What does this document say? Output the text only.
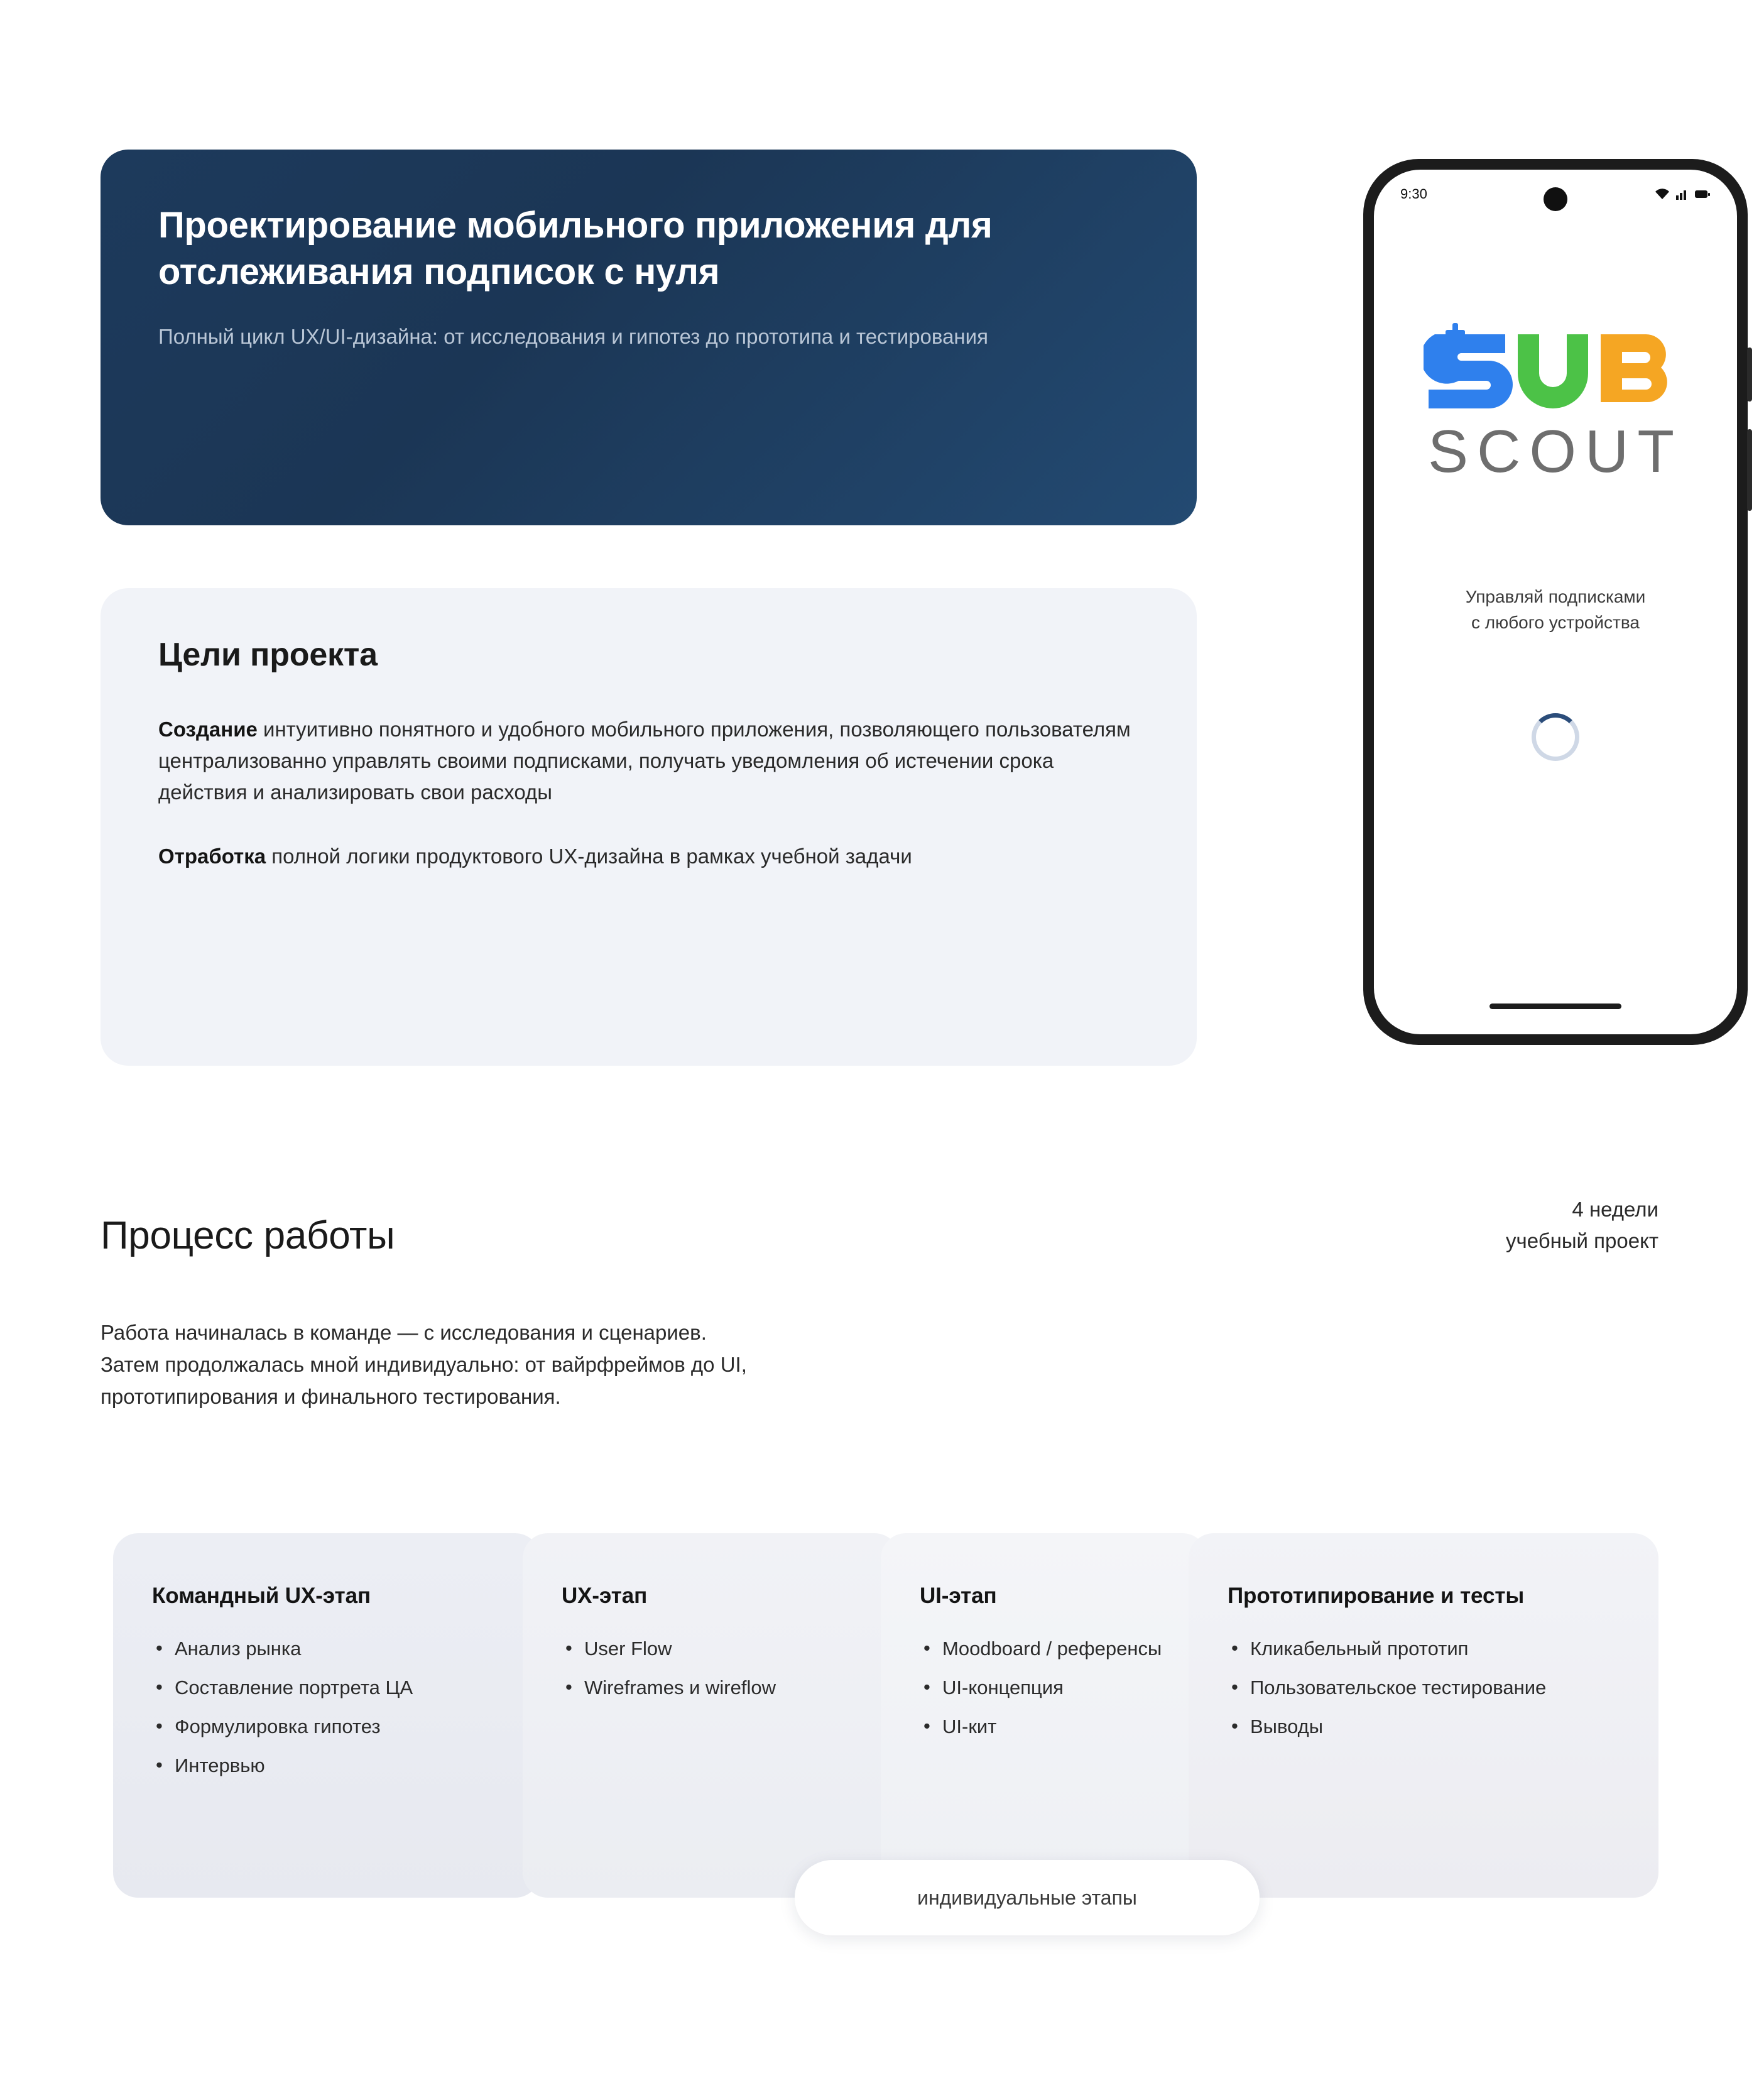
Проектирование мобильного приложения для отслеживания подписок с нуля

Полный цикл UX/UI-дизайна: от исследования и гипотез до прототипа и тестирования

Цели проекта

Создание интуитивно понятного и удобного мобильного приложения, позволяющего пользователям централизованно управлять своими подписками, получать уведомления об истечении срока действия и анализировать свои расходы

Отработка полной логики продуктового UX-дизайна в рамках учебной задачи

9:30
SCOUT
Управляй подписками
с любого устройства
Процесс работы
4 недели
учебный проект
Работа начиналась в команде — с исследования и сценариев.
Затем продолжалась мной индивидуально: от вайрфреймов до UI,
прототипирования и финального тестирования.
Командный UX-этап
• Анализ рынка
• Составление портрета ЦА
• Формулировка гипотез
• Интервью
UX-этап
• User Flow
• Wireframes и wireflow
UI-этап
• Moodboard / референсы
• UI-концепция
• UI-кит
Прототипирование и тесты
• Кликабельный прототип
• Пользовательское тестирование
• Выводы
индивидуальные этапы
